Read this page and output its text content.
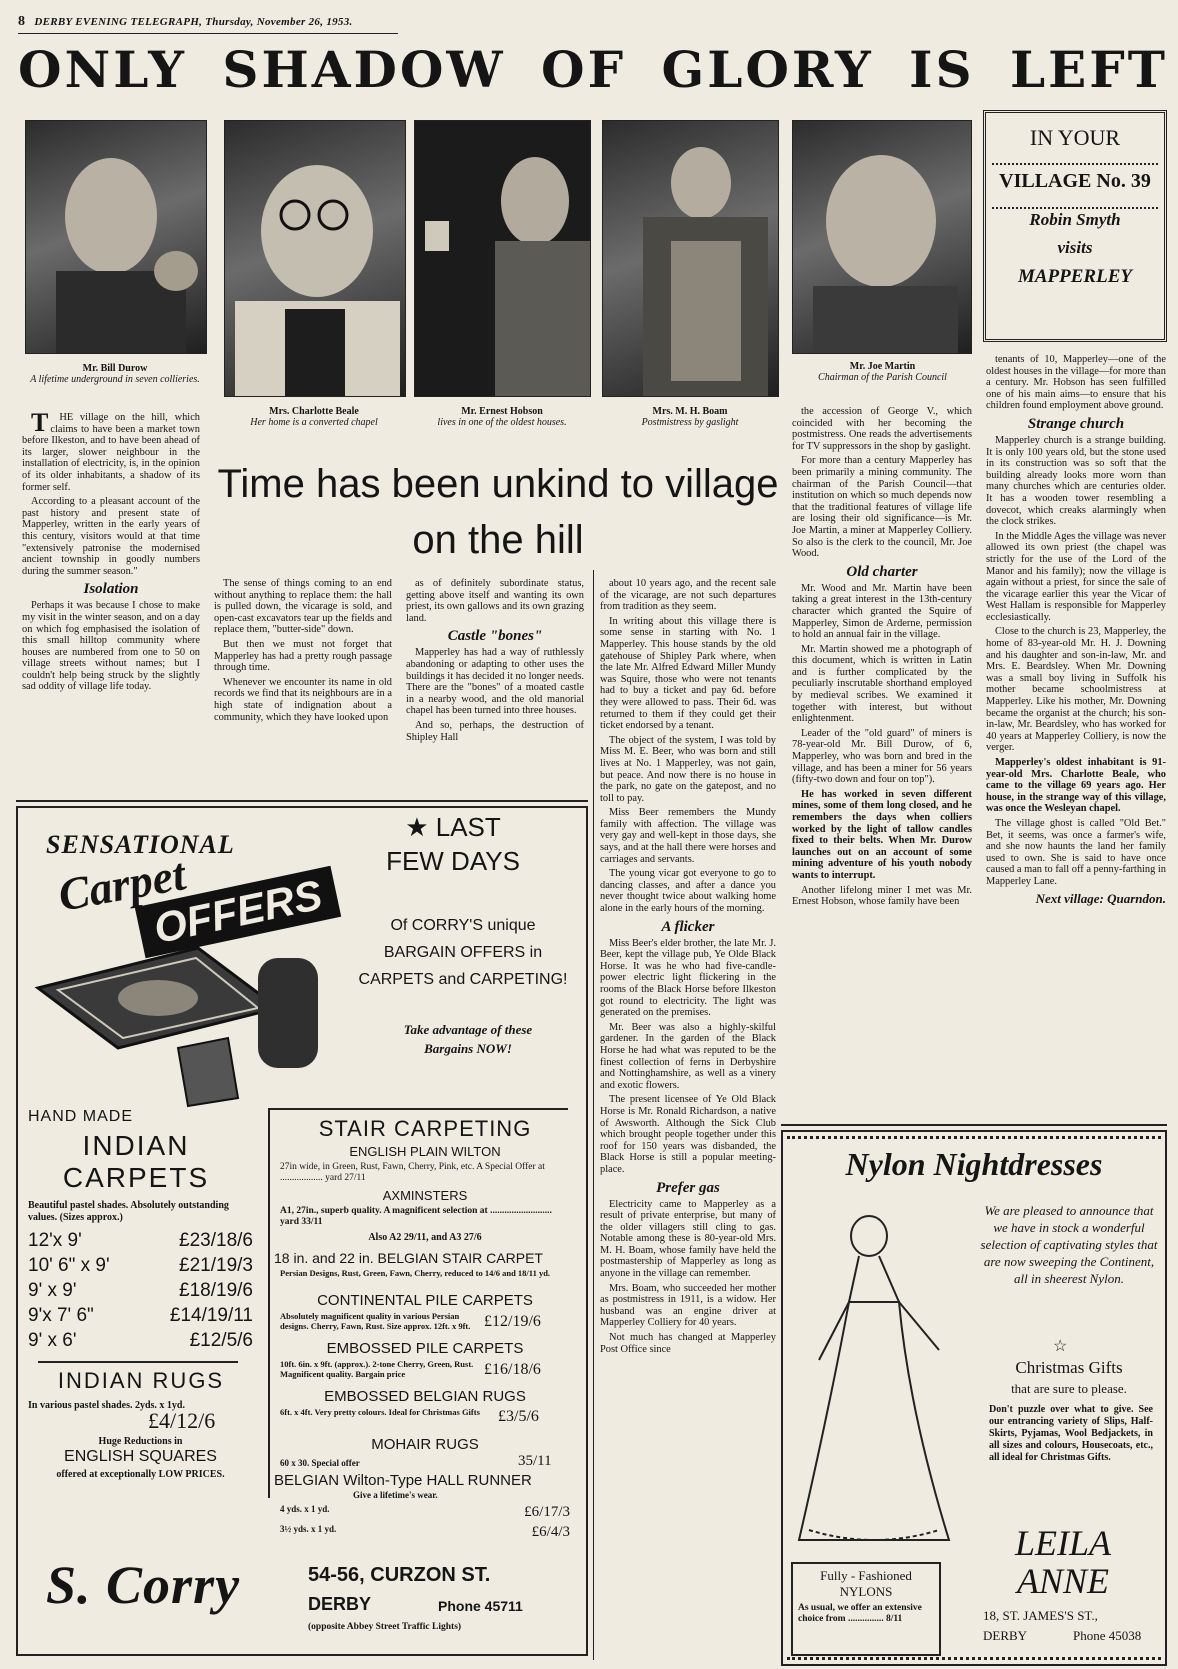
8 DERBY EVENING TELEGRAPH, Thursday, November 26, 1953.
ONLY SHADOW OF GLORY IS LEFT
Mr. Bill Durow
A lifetime underground in seven collieries.
Mrs. Charlotte Beale
Her home is a converted chapel
Mr. Ernest Hobson
lives in one of the oldest houses.
Mrs. M. H. Boam
Postmistress by gaslight
Mr. Joe Martin
Chairman of the Parish Council
IN YOUR
VILLAGE No. 39
Robin Smyth
visits
MAPPERLEY
Time has been unkind to village on the hill

THE village on the hill, which claims to have been a market town before Ilkeston, and to have been ahead of its larger, slower neighbour in the installation of electricity, is, in the opinion of its older inhabitants, a shadow of its former self.

According to a pleasant account of the past history and present state of Mapperley, written in the early years of this century, visitors would at that time "extensively patronise the modernised ancient township in goodly numbers during the summer season."

Isolation

Perhaps it was because I chose to make my visit in the winter season, and on a day on which fog emphasised the isolation of this small hilltop community where houses are numbered from one to 50 on village streets without names; but I couldn't help being struck by the slightly sad oddity of village life today.

The sense of things coming to an end without anything to replace them: the hall is pulled down, the vicarage is sold, and open-cast excavators tear up the fields and replace them, "butter-side" down.

But then we must not forget that Mapperley has had a pretty rough passage through time.

Whenever we encounter its name in old records we find that its neighbours are in a high state of indignation about a community, which they have looked upon

as of definitely subordinate status, getting above itself and wanting its own priest, its own gallows and its own grazing land.

Castle "bones"

Mapperley has had a way of ruthlessly abandoning or adapting to other uses the buildings it has decided it no longer needs. There are the "bones" of a moated castle in a nearby wood, and the old manorial chapel has been turned into three houses.

And so, perhaps, the destruction of Shipley Hall

about 10 years ago, and the recent sale of the vicarage, are not such departures from tradition as they seem.

In writing about this village there is some sense in starting with No. 1 Mapperley. This house stands by the old gatehouse of Shipley Park where, when the late Mr. Alfred Edward Miller Mundy was Squire, those who were not tenants had to buy a ticket and pay 6d. before they were allowed to pass. Their 6d. was returned to them if they could get their ticket endorsed by a tenant.

The object of the system, I was told by Miss M. E. Beer, who was born and still lives at No. 1 Mapperley, was not gain, but peace. And now there is no house in the park, no gate on the gatepost, and no toll to pay.

Miss Beer remembers the Mundy family with affection. The village was very gay and well-kept in those days, she says, and at the hall there were horses and carriages and servants.

The young vicar got everyone to go to dancing classes, and after a dance you never thought twice about walking home alone in the early hours of the morning.

A flicker

Miss Beer's elder brother, the late Mr. J. Beer, kept the village pub, Ye Olde Black Horse. It was he who had five-candle-power electric light flickering in the rooms of the Black Horse before Ilkeston got round to electricity. The light was generated on the premises.

Mr. Beer was also a highly-skilful gardener. In the garden of the Black Horse he had what was reputed to be the finest collection of ferns in Derbyshire and Nottinghamshire, as well as a vinery and exotic flowers.

The present licensee of Ye Old Black Horse is Mr. Ronald Richardson, a native of Awsworth. Although the Sick Club which brought people together under this roof for 150 years was disbanded, the Black Horse is still a popular meeting-place.

Prefer gas

Electricity came to Mapperley as a result of private enterprise, but many of the older villagers still cling to gas. Notable among these is 80-year-old Mrs. M. H. Boam, whose family have held the postmastership of Mapperley as long as anyone in the village can remember.

Mrs. Boam, who succeeded her mother as postmistress in 1911, is a widow. Her husband was an engine driver at Mapperley Colliery for 40 years.

Not much has changed at Mapperley Post Office since

the accession of George V., which coincided with her becoming the postmistress. One reads the advertisements for TV suppressors in the shop by gaslight.

For more than a century Mapperley has been primarily a mining community. The chairman of the Parish Council—that institution on which so much depends now that the traditional features of village life are losing their old significance—is Mr. Joe Martin, a miner at Mapperley Colliery. So also is the clerk to the council, Mr. Joe Wood.

Old charter

Mr. Wood and Mr. Martin have been taking a great interest in the 13th-century character which granted the Squire of Mapperley, Simon de Arderne, permission to hold an annual fair in the village.

Mr. Martin showed me a photograph of this document, which is written in Latin and is further complicated by the peculiarly inscrutable shorthand employed by medieval scribes. We examined it together with interest, but without enlightenment.

Leader of the "old guard" of miners is 78-year-old Mr. Bill Durow, of 6, Mapperley, who was born and bred in the village, and has been a miner for 56 years (fifty-two down and four on top").

He has worked in seven different mines, some of them long closed, and he remembers the days when colliers worked by the light of tallow candles fixed to their belts. When Mr. Durow launches out on an account of some mining adventure of his youth nobody wants to interrupt.

Another lifelong miner I met was Mr. Ernest Hobson, whose family have been

tenants of 10, Mapperley—one of the oldest houses in the village—for more than a century. Mr. Hobson has seen fulfilled one of his main aims—to ensure that his children found employment above ground.

Strange church

Mapperley church is a strange building. It is only 100 years old, but the stone used in its construction was so soft that the building already looks more worn than many churches which are centuries older. It has a wooden tower resembling a dovecot, which creaks alarmingly when the clock strikes.

In the Middle Ages the village was never allowed its own priest (the chapel was strictly for the use of the Lord of the Manor and his family); now the village is again without a priest, for since the sale of the vicarage earlier this year the Vicar of West Hallam is responsible for Mapperley ecclesiastically.

Close to the church is 23, Mapperley, the home of 83-year-old Mr. H. J. Downing and his daughter and son-in-law, Mr. and Mrs. E. Beardsley. When Mr. Downing was a small boy living in Suffolk his mother became schoolmistress at Mapperley. Like his mother, Mr. Downing became the organist at the church; his son-in-law, Mr. Beardsley, who has worked for 40 years at Mapperley Colliery, is now the verger.

Mapperley's oldest inhabitant is 91-year-old Mrs. Charlotte Beale, who came to the village 69 years ago. Her house, in the strange way of this village, was once the Wesleyan chapel.

The village ghost is called "Old Bet." Bet, it seems, was once a farmer's wife, and she now haunts the land her family used to own. She is said to have once caused a man to fall off a penny-farthing in Mapperley Lane.

Next village: Quarndon.
SENSATIONAL
Carpet
OFFERS
★ LAST FEW DAYS
Of CORRY'S unique BARGAIN OFFERS in CARPETS and CARPETING!
Take advantage of these Bargains NOW!
HAND MADE
INDIAN CARPETS
Beautiful pastel shades. Absolutely outstanding values. (Sizes approx.)
12'x 9'	£23/18/6
10' 6" x 9'	£21/19/3
9' x 9'	£18/19/6
9'x 7' 6"	£14/19/11
9' x 6'	£12/5/6
INDIAN RUGS
In various pastel shades. 2yds. x 1yd.
£4/12/6
Huge Reductions in
ENGLISH SQUARES
offered at exceptionally LOW PRICES.
STAIR CARPETING
ENGLISH PLAIN WILTON
27in wide, in Green, Rust, Fawn, Cherry, Pink, etc. A Special Offer at .................. yard 27/11
AXMINSTERS
A1, 27in., superb quality. A magnificent selection at .......................... yard 33/11
Also A2 29/11, and A3 27/6
18 in. and 22 in. BELGIAN STAIR CARPET
Persian Designs, Rust, Green, Fawn, Cherry, reduced to 14/6 and 18/11 yd.
CONTINENTAL PILE CARPETS
Absolutely magnificent quality in various Persian designs. Cherry, Fawn, Rust. Size approx. 12ft. x 9ft. £12/19/6
EMBOSSED PILE CARPETS
10ft. 6in. x 9ft. (approx.). 2-tone Cherry, Green, Rust. Magnificent quality. Bargain price	£16/18/6
EMBOSSED BELGIAN RUGS
6ft. x 4ft. Very pretty colours. Ideal for Christmas Gifts	£3/5/6
MOHAIR RUGS
60 x 30. Special offer	35/11
BELGIAN Wilton-Type HALL RUNNER
Give a lifetime's wear.
4 yds. x 1 yd.	£6/17/3
3½ yds. x 1 yd.	£6/4/3
S. Corry	54-56, CURZON ST.
DERBY	Phone 45711
(opposite Abbey Street Traffic Lights)
Nylon Nightdresses
We are pleased to announce that we have in stock a wonderful selection of captivating styles that are now sweeping the Continent, all in sheerest Nylon.
☆
Christmas Gifts
that are sure to please.
Don't puzzle over what to give. See our entrancing variety of Slips, Half-Skirts, Pyjamas, Wool Bedjackets, in all sizes and colours, Housecoats, etc., all ideal for Christmas Gifts.
Fully - Fashioned
NYLONS
As usual, we offer an extensive choice from ............... 8/11
LEILA
ANNE
18, ST. JAMES'S ST.,
DERBY	Phone 45038
